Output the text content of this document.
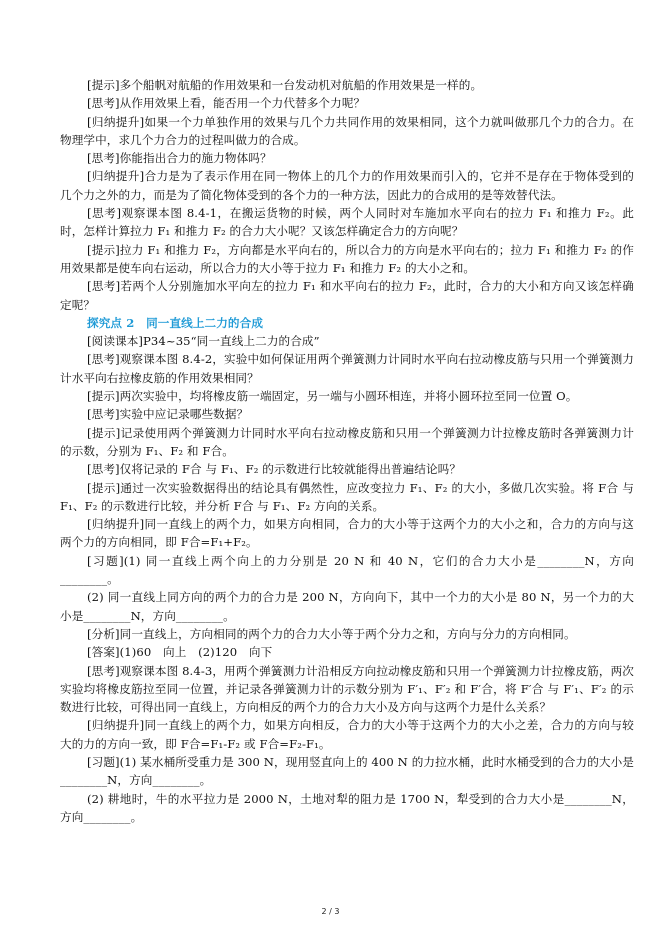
[提示]多个船帆对航船的作用效果和一台发动机对航船的作用效果是一样的。

[思考]从作用效果上看，能否用一个力代替多个力呢？

[归纳提升]如果一个力单独作用的效果与几个力共同作用的效果相同，这个力就叫做那几个力的合力。在物理学中，求几个力合力的过程叫做力的合成。

[思考]你能指出合力的施力物体吗？

[归纳提升]合力是为了表示作用在同一物体上的几个力的作用效果而引入的，它并不是存在于物体受到的几个力之外的力，而是为了简化物体受到的各个力的一种方法，因此力的合成用的是等效替代法。

[思考]观察课本图 8.4-1，在搬运货物的时候，两个人同时对车施加水平向右的拉力 F₁ 和推力 F₂。此时，怎样计算拉力 F₁ 和推力 F₂ 的合力大小呢？又该怎样确定合力的方向呢？

[提示]拉力 F₁ 和推力 F₂，方向都是水平向右的，所以合力的方向是水平向右的；拉力 F₁ 和推力 F₂ 的作用效果都是使车向右运动，所以合力的大小等于拉力 F₁ 和推力 F₂ 的大小之和。

[思考]若两个人分别施加水平向左的拉力 F₁ 和水平向右的拉力 F₂，此时，合力的大小和方向又该怎样确定呢？

探究点 2　同一直线上二力的合成

[阅读课本]P34~35“同一直线上二力的合成”

[思考]观察课本图 8.4-2，实验中如何保证用两个弹簧测力计同时水平向右拉动橡皮筋与只用一个弹簧测力计水平向右拉橡皮筋的作用效果相同？

[提示]两次实验中，均将橡皮筋一端固定，另一端与小圆环相连，并将小圆环拉至同一位置 O。

[思考]实验中应记录哪些数据？

[提示]记录使用两个弹簧测力计同时水平向右拉动橡皮筋和只用一个弹簧测力计拉橡皮筋时各弹簧测力计的示数，分别为 F₁、F₂ 和 F合。

[思考]仅将记录的 F合 与 F₁、F₂ 的示数进行比较就能得出普遍结论吗？

[提示]通过一次实验数据得出的结论具有偶然性，应改变拉力 F₁、F₂ 的大小，多做几次实验。将 F合 与 F₁、F₂ 的示数进行比较，并分析 F合 与 F₁、F₂ 方向的关系。

[归纳提升]同一直线上的两个力，如果方向相同，合力的大小等于这两个力的大小之和，合力的方向与这两个力的方向相同，即 F合=F₁+F₂。

[习题](1) 同一直线上两个向上的力分别是 20 N 和 40 N，它们的合力大小是________N，方向________。

(2) 同一直线上同方向的两个力的合力是 200 N，方向向下，其中一个力的大小是 80 N，另一个力的大小是________N，方向________。

[分析]同一直线上，方向相同的两个力的合力大小等于两个分力之和，方向与分力的方向相同。

[答案](1)60　向上　(2)120　向下

[思考]观察课本图 8.4-3，用两个弹簧测力计沿相反方向拉动橡皮筋和只用一个弹簧测力计拉橡皮筋，两次实验均将橡皮筋拉至同一位置，并记录各弹簧测力计的示数分别为 F′₁、F′₂ 和 F′合，将 F′合 与 F′₁、F′₂ 的示数进行比较，可得出同一直线上，方向相反的两个力的合力大小及方向与这两个力是什么关系？

[归纳提升]同一直线上的两个力，如果方向相反，合力的大小等于这两个力的大小之差，合力的方向与较大的力的方向一致，即 F合=F₁-F₂ 或 F合=F₂-F₁。

[习题](1) 某水桶所受重力是 300 N，现用竖直向上的 400 N 的力拉水桶，此时水桶受到的合力的大小是________N，方向________。

(2) 耕地时，牛的水平拉力是 2000 N，土地对犁的阻力是 1700 N，犁受到的合力大小是________N，方向________。

2 / 3
